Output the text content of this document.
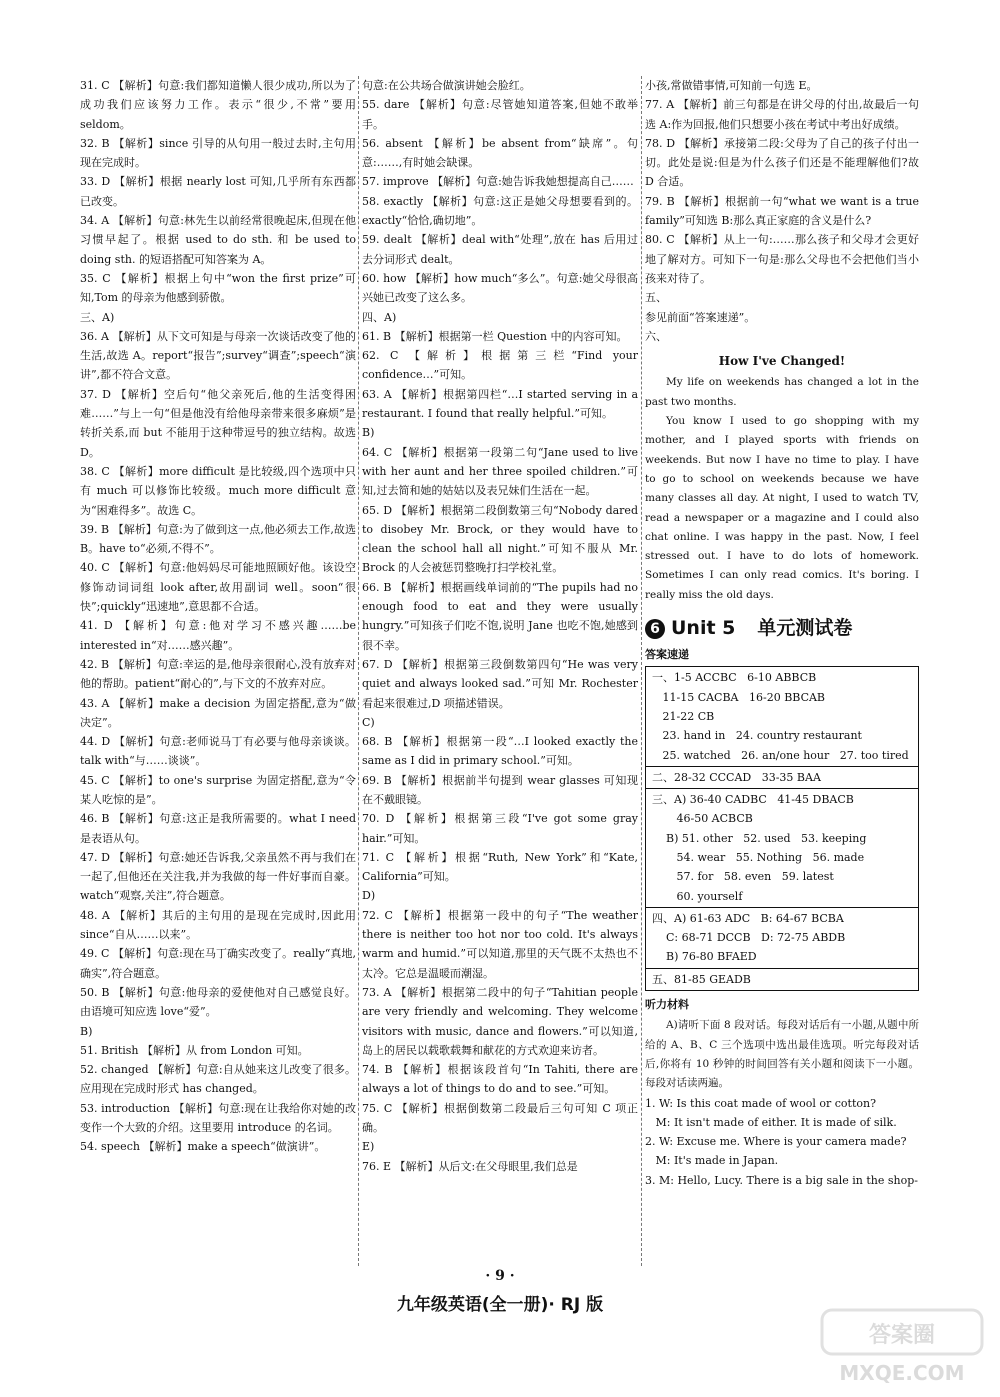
31. C 【解析】句意:我们都知道懒人很少成功,所以为了成功我们应该努力工作。表示“很少,不常”要用 seldom。

32. B 【解析】since 引导的从句用一般过去时,主句用现在完成时。

33. D 【解析】根据 nearly lost 可知,几乎所有东西都已改变。

34. A 【解析】句意:林先生以前经常很晚起床,但现在他习惯早起了。根据 used to do sth. 和 be used to doing sth. 的短语搭配可知答案为 A。

35. C 【解析】根据上句中“won the first prize”可知,Tom 的母亲为他感到骄傲。

三、A)

36. A 【解析】从下文可知是与母亲一次谈话改变了他的生活,故选 A。report“报告”;survey“调查”;speech“演讲”,都不符合文意。

37. D 【解析】空后句“他父亲死后,他的生活变得困难……”与上一句“但是他没有给他母亲带来很多麻烦”是转折关系,而 but 不能用于这种带逗号的独立结构。故选 D。

38. C 【解析】more difficult 是比较级,四个选项中只有 much 可以修饰比较级。much more difficult 意为“困难得多”。故选 C。

39. B 【解析】句意:为了做到这一点,他必须去工作,故选 B。have to“必须,不得不”。

40. C 【解析】句意:他妈妈尽可能地照顾好他。该设空修饰动词词组 look after,故用副词 well。soon“很快”;quickly“迅速地”,意思都不合适。

41. D 【解析】句意:他对学习不感兴趣……be interested in“对……感兴趣”。

42. B 【解析】句意:幸运的是,他母亲很耐心,没有放弃对他的帮助。patient“耐心的”,与下文的不放弃对应。

43. A 【解析】make a decision 为固定搭配,意为“做决定”。

44. D 【解析】句意:老师说马丁有必要与他母亲谈谈。talk with“与……谈谈”。

45. C 【解析】to one's surprise 为固定搭配,意为“令某人吃惊的是”。

46. B 【解析】句意:这正是我所需要的。what I need 是表语从句。

47. D 【解析】句意:她还告诉我,父亲虽然不再与我们在一起了,但他还在关注我,并为我做的每一件好事而自豪。watch“观察,关注”,符合题意。

48. A 【解析】其后的主句用的是现在完成时,因此用 since“自从……以来”。

49. C 【解析】句意:现在马丁确实改变了。really“真地,确实”,符合题意。

50. B 【解析】句意:他母亲的爱使他对自己感觉良好。由语境可知应选 love“爱”。

B)

51. British 【解析】从 from London 可知。

52. changed 【解析】句意:自从她来这儿改变了很多。应用现在完成时形式 has changed。

53. introduction 【解析】句意:现在让我给你对她的改变作一个大致的介绍。这里要用 introduce 的名词。

54. speech 【解析】make a speech“做演讲”。

句意:在公共场合做演讲她会脸红。

55. dare 【解析】句意:尽管她知道答案,但她不敢举手。

56. absent 【解析】be absent from“缺席”。句意:……,有时她会缺课。

57. improve 【解析】句意:她告诉我她想提高自己……

58. exactly 【解析】句意:这正是她父母想要看到的。exactly“恰恰,确切地”。

59. dealt 【解析】deal with“处理”,放在 has 后用过去分词形式 dealt。

60. how 【解析】how much“多么”。句意:她父母很高兴她已改变了这么多。

四、A)

61. B 【解析】根据第一栏 Question 中的内容可知。

62. C 【解析】根据第三栏“Find your confidence…”可知。

63. A 【解析】根据第四栏“…I started serving in a restaurant. I found that really helpful.”可知。

B)

64. C 【解析】根据第一段第二句“Jane used to live with her aunt and her three spoiled children.”可知,过去简和她的姑姑以及表兄妹们生活在一起。

65. D 【解析】根据第二段倒数第三句“Nobody dared to disobey Mr. Brock, or they would have to clean the school hall all night.”可知不服从 Mr. Brock 的人会被惩罚整晚打扫学校礼堂。

66. B 【解析】根据画线单词前的“The pupils had no enough food to eat and they were usually hungry.”可知孩子们吃不饱,说明 Jane 也吃不饱,她感到很不幸。

67. D 【解析】根据第三段倒数第四句“He was very quiet and always looked sad.”可知 Mr. Rochester 看起来很难过,D 项描述错误。

C)

68. B 【解析】根据第一段“…I looked exactly the same as I did in primary school.”可知。

69. B 【解析】根据前半句提到 wear glasses 可知现在不戴眼镜。

70. D 【解析】根据第三段“I've got some gray hair.”可知。

71. C 【解析】根据“Ruth, New York”和“Kate, California”可知。

D)

72. C 【解析】根据第一段中的句子“The weather there is neither too hot nor too cold. It's always warm and humid.”可以知道,那里的天气既不太热也不太冷。它总是温暖而潮湿。

73. A 【解析】根据第二段中的句子“Tahitian people are very friendly and welcoming. They welcome visitors with music, dance and flowers.”可以知道,岛上的居民以载歌载舞和献花的方式欢迎来访者。

74. B 【解析】根据该段首句“In Tahiti, there are always a lot of things to do and to see.”可知。

75. C 【解析】根据倒数第二段最后三句可知 C 项正确。

E)

76. E 【解析】从后文:在父母眼里,我们总是

小孩,常做错事情,可知前一句选 E。

77. A 【解析】前三句都是在讲父母的付出,故最后一句选 A:作为回报,他们只想要小孩在考试中考出好成绩。

78. D 【解析】承接第二段:父母为了自己的孩子付出一切。此处是说:但是为什么孩子们还是不能理解他们?故 D 合适。

79. B 【解析】根据前一句“what we want is a true family”可知选 B:那么真正家庭的含义是什么?

80. C 【解析】从上一句:……那么孩子和父母才会更好地了解对方。可知下一句是:那么父母也不会把他们当小孩来对待了。

五、

参见前面“答案速递”。

六、

How I've Changed!

My life on weekends has changed a lot in the past two months.

You know I used to go shopping with my mother, and I played sports with friends on weekends. But now I have no time to play. I have to go to school on weekends because we have many classes all day. At night, I used to watch TV, read a newspaper or a magazine and I could also chat online. I was happy in the past. Now, I feel stressed out. I have to do lots of homework. Sometimes I can only read comics. It's boring. I really miss the old days.

6 Unit 5 单元测试卷
答案速递
一、1-5 ACCBC   6-10 ABBCB
11-15 CACBA   16-20 BBCAB
21-22 CB
23. hand in   24. country restaurant
25. watched   26. an/one hour   27. too tired
二、28-32 CCCAD   33-35 BAA
三、A) 36-40 CADBC   41-45 DBACB
46-50 ACBCB
B) 51. other   52. used   53. keeping
54. wear   55. Nothing   56. made
57. for   58. even   59. latest
60. yourself
四、A) 61-63 ADC   B: 64-67 BCBA
C: 68-71 DCCB   D: 72-75 ABDB
B) 76-80 BFAED
五、81-85 GEADB
听力材料

A)请听下面 8 段对话。每段对话后有一小题,从题中所给的 A、B、C 三个选项中选出最佳选项。听完每段对话后,你将有 10 秒钟的时间回答有关小题和阅读下一小题。每段对话读两遍。

1. W: Is this coat made of wool or cotton?

M: It isn't made of either. It is made of silk.

2. W: Excuse me. Where is your camera made?

M: It's made in Japan.

3. M: Hello, Lucy. There is a big sale in the shop-

· 9 ·
九年级英语(全一册)· RJ 版
答案圈
MXQE.COM
